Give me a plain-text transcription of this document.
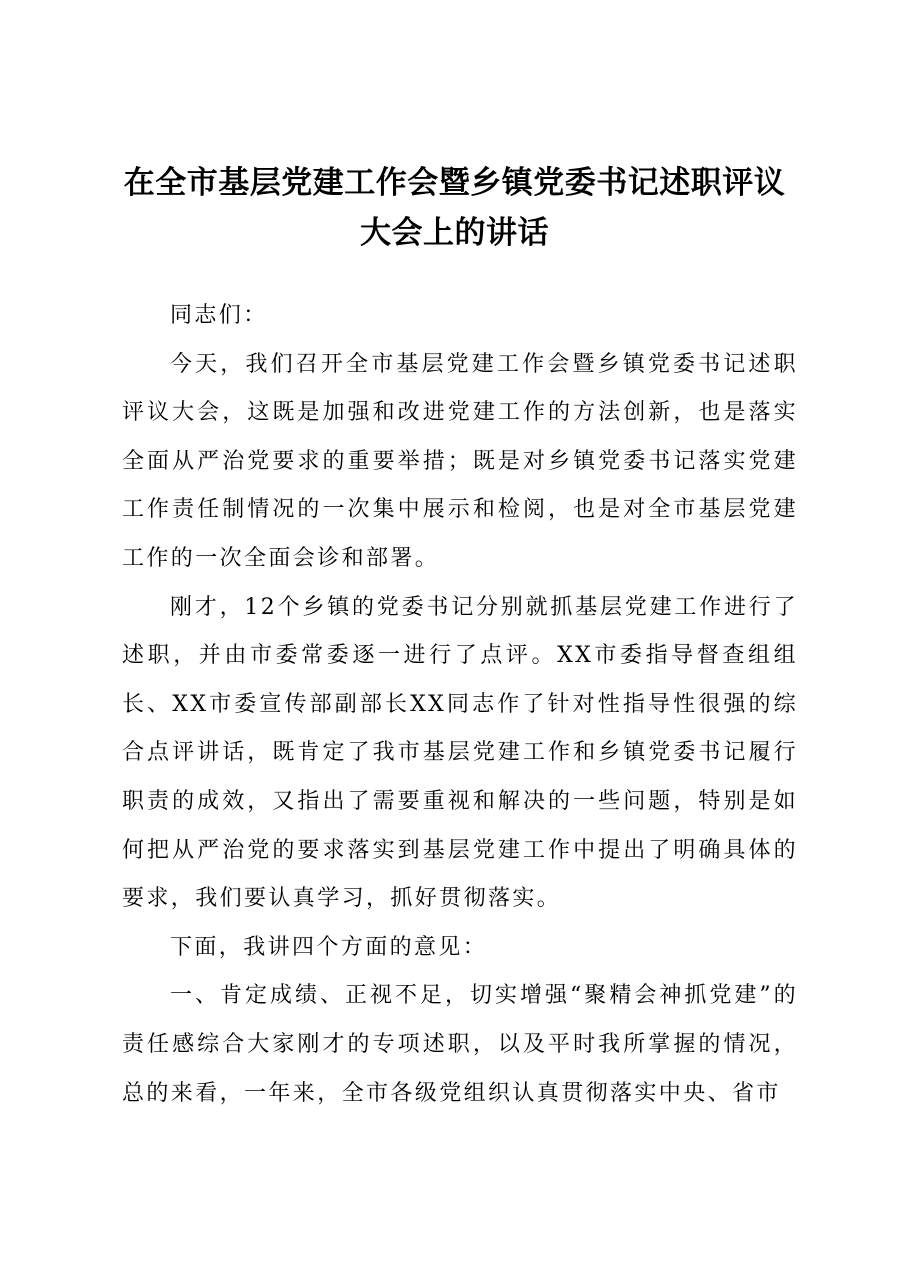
在全市基层党建工作会暨乡镇党委书记述职评议大会上的讲话

同志们：

今天，我们召开全市基层党建工作会暨乡镇党委书记述职评议大会，这既是加强和改进党建工作的方法创新，也是落实全面从严治党要求的重要举措；既是对乡镇党委书记落实党建工作责任制情况的一次集中展示和检阅，也是对全市基层党建工作的一次全面会诊和部署。

刚才，12个乡镇的党委书记分别就抓基层党建工作进行了述职，并由市委常委逐一进行了点评。XX市委指导督查组组长、XX市委宣传部副部长XX同志作了针对性指导性很强的综合点评讲话，既肯定了我市基层党建工作和乡镇党委书记履行职责的成效，又指出了需要重视和解决的一些问题，特别是如何把从严治党的要求落实到基层党建工作中提出了明确具体的要求，我们要认真学习，抓好贯彻落实。

下面，我讲四个方面的意见：

一、肯定成绩、正视不足，切实增强“聚精会神抓党建”的责任感综合大家刚才的专项述职，以及平时我所掌握的情况，总的来看，一年来，全市各级党组织认真贯彻落实中央、省市
